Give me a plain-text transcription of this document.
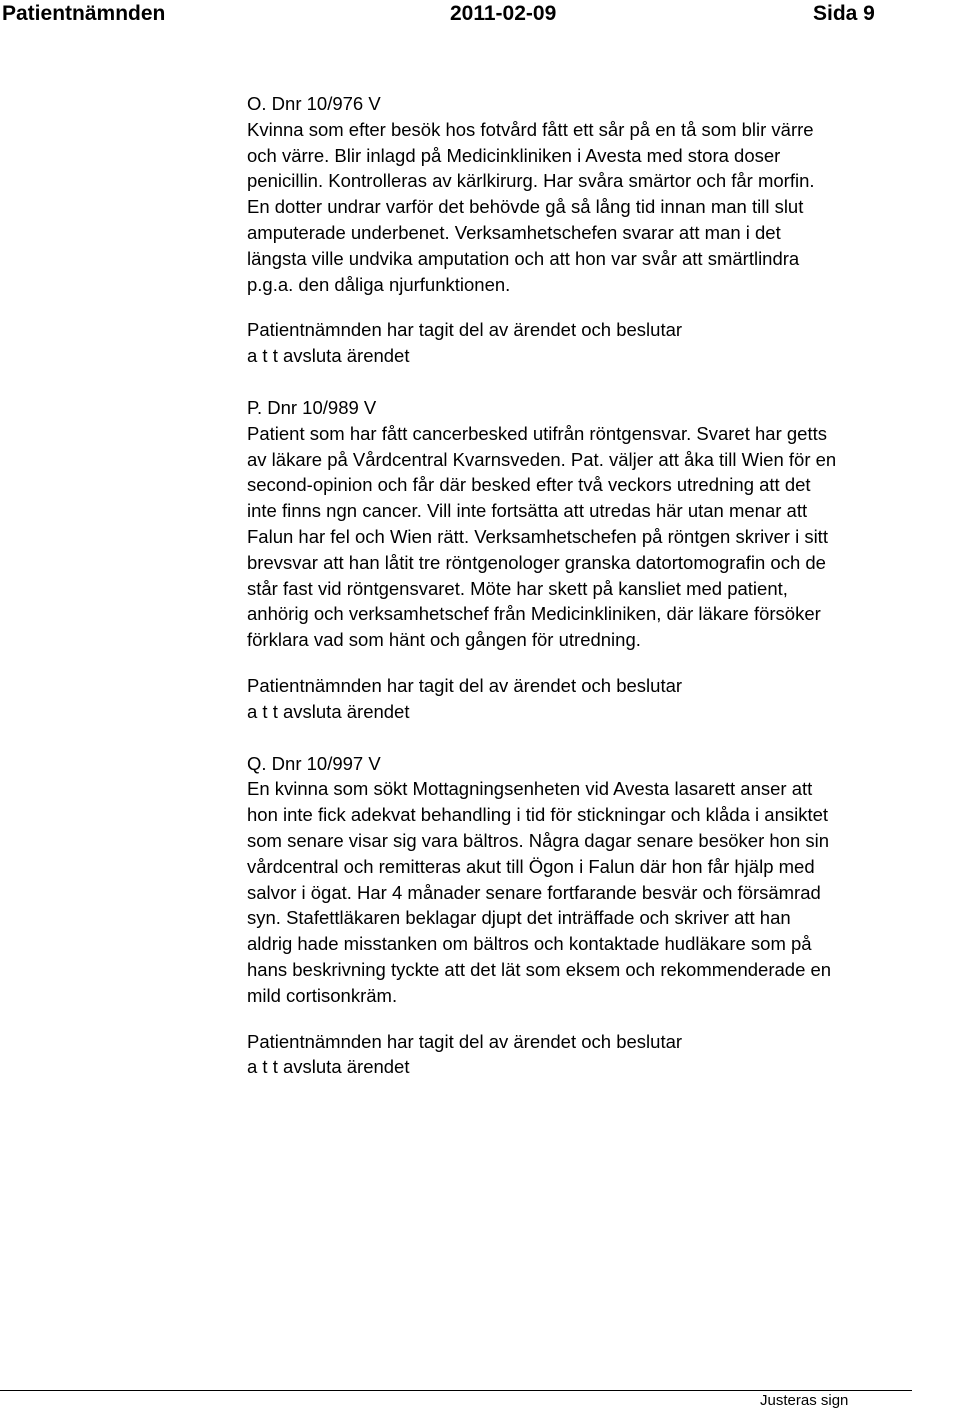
Patientnämnden	2011-02-09	Sida 9

O. Dnr 10/976 V

Kvinna som efter besök hos fotvård fått ett sår på en tå som blir värre
och värre. Blir inlagd på Medicinkliniken i Avesta med stora doser
penicillin. Kontrolleras av kärlkirurg. Har svåra smärtor och får morfin.
En dotter undrar varför det behövde gå så lång tid innan man till slut
amputerade underbenet. Verksamhetschefen svarar att man i det
längsta ville undvika amputation och att hon var svår att smärtlindra
p.g.a. den dåliga njurfunktionen.

Patientnämnden har tagit del av ärendet och beslutar
a t t avsluta ärendet

P. Dnr 10/989 V

Patient som har fått cancerbesked utifrån röntgensvar. Svaret har getts
av läkare på Vårdcentral Kvarnsveden. Pat. väljer att åka till Wien för en
second-opinion och får där besked efter två veckors utredning att det
inte finns ngn cancer. Vill inte fortsätta att utredas här utan menar att
Falun har fel och Wien rätt. Verksamhetschefen på röntgen skriver i sitt
brevsvar att han låtit tre röntgenologer granska datortomografin och de
står fast vid röntgensvaret. Möte har skett på kansliet med patient,
anhörig och verksamhetschef från Medicinkliniken, där läkare försöker
förklara vad som hänt och gången för utredning.

Patientnämnden har tagit del av ärendet och beslutar
a t t avsluta ärendet

Q. Dnr 10/997 V

En kvinna som sökt Mottagningsenheten vid Avesta lasarett anser att
hon inte fick adekvat behandling i tid för stickningar och klåda i ansiktet
som senare visar sig vara bältros. Några dagar senare besöker hon sin
vårdcentral och remitteras akut till Ögon i Falun där hon får hjälp med
salvor i ögat. Har 4 månader senare fortfarande besvär och försämrad
syn. Stafettläkaren beklagar djupt det inträffade och skriver att han
aldrig hade misstanken om bältros och kontaktade hudläkare som på
hans beskrivning tyckte att det lät som eksem och rekommenderade en
mild cortisonkräm.

Patientnämnden har tagit del av ärendet och beslutar
a t t avsluta ärendet

Justeras sign
